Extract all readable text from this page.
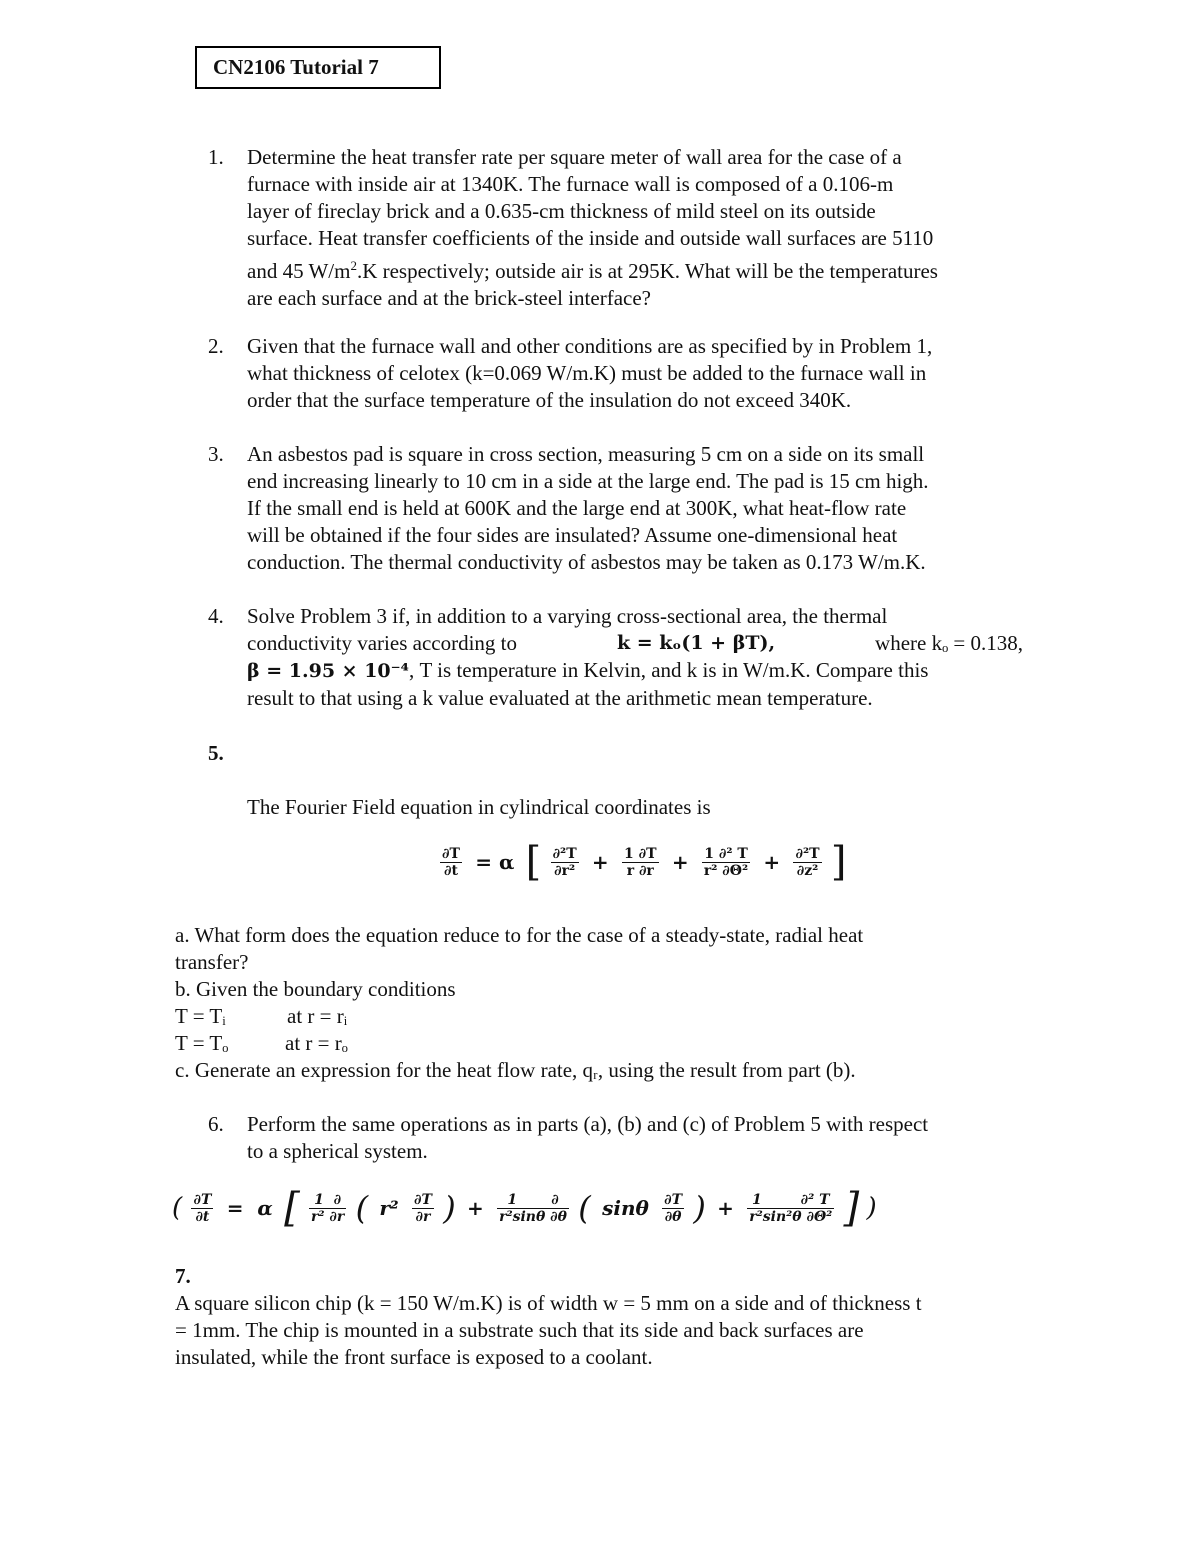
CN2106 Tutorial 7
1. Determine the heat transfer rate per square meter of wall area for the case of a

furnace with inside air at 1340K. The furnace wall is composed of a 0.106-m

layer of fireclay brick and a 0.635-cm thickness of mild steel on its outside

surface. Heat transfer coefficients of the inside and outside wall surfaces are 5110

and 45 $W/m^2.K$ respectively; outside air is at 295K. What will be the temperatures

are each surface and at the brick-steel interface?

2. Given that the furnace wall and other conditions are as specified by in Problem 1,

what thickness of celotex (k=0.069 W/m.K) must be added to the furnace wall in

order that the surface temperature of the insulation do not exceed 340K.

3. An asbestos pad is square in cross section, measuring 5 cm on a side on its small

end increasing linearly to 10 cm in a side at the large end. The pad is 15 cm high.

If the small end is held at 600K and the large end at 300K, what heat-flow rate

will be obtained if the four sides are insulated? Assume one-dimensional heat

conduction. The thermal conductivity of asbestos may be taken as 0.173 W/m.K.

4. Solve Problem 3 if, in addition to a varying cross-sectional area, the thermal

conductivity varies according to	k = kₒ(1 + βT),	where kₒ = 0.138,

β = 1.95 × 10⁻⁴, T is temperature in Kelvin, and k is in W/m.K. Compare this

result to that using a k value evaluated at the arithmetic mean temperature.

5.
The Fourier Field equation in cylindrical coordinates is
$\frac{\partial T}{\partial t} = \alpha$ [ $\frac{\text{∂²T}}{\text{∂r²}} + \frac{1 \partial T}{r \partial r} + \frac{\text{1 ∂² T}}{\text{r² ∂Θ²}} + \frac{\text{∂²T}}{\text{∂z²}}$ ]

a. What form does the equation reduce to for the case of a steady-state, radial heat

transfer?

b. Given the boundary conditions

T = Tᵢ	at r = rᵢ

T = Tₒ	at r = rₒ

c. Generate an expression for the heat flow rate, qᵣ, using the result from part (b).

6. Perform the same operations as in parts (a), (b) and (c) of Problem 5 with respect

to a spherical system.

( $\frac{\partial T}{\partial t} = \alpha$ [ $\frac{1 \partial}{\text{r² ∂r}}$ ( $r^2 \frac{\partial T}{\partial r}$ ) + $\frac{1 \partial}{\text{r²sinθ ∂θ}}$ ( sinθ $\frac{\partial T}{\partial\theta}$ ) + $\frac{\text{1        ∂² T}}{\text{r²sin²θ ∂Θ²}}$ ] )

7.

A square silicon chip (k = 150 W/m.K) is of width w = 5 mm on a side and of thickness t

= 1mm. The chip is mounted in a substrate such that its side and back surfaces are

insulated, while the front surface is exposed to a coolant.
